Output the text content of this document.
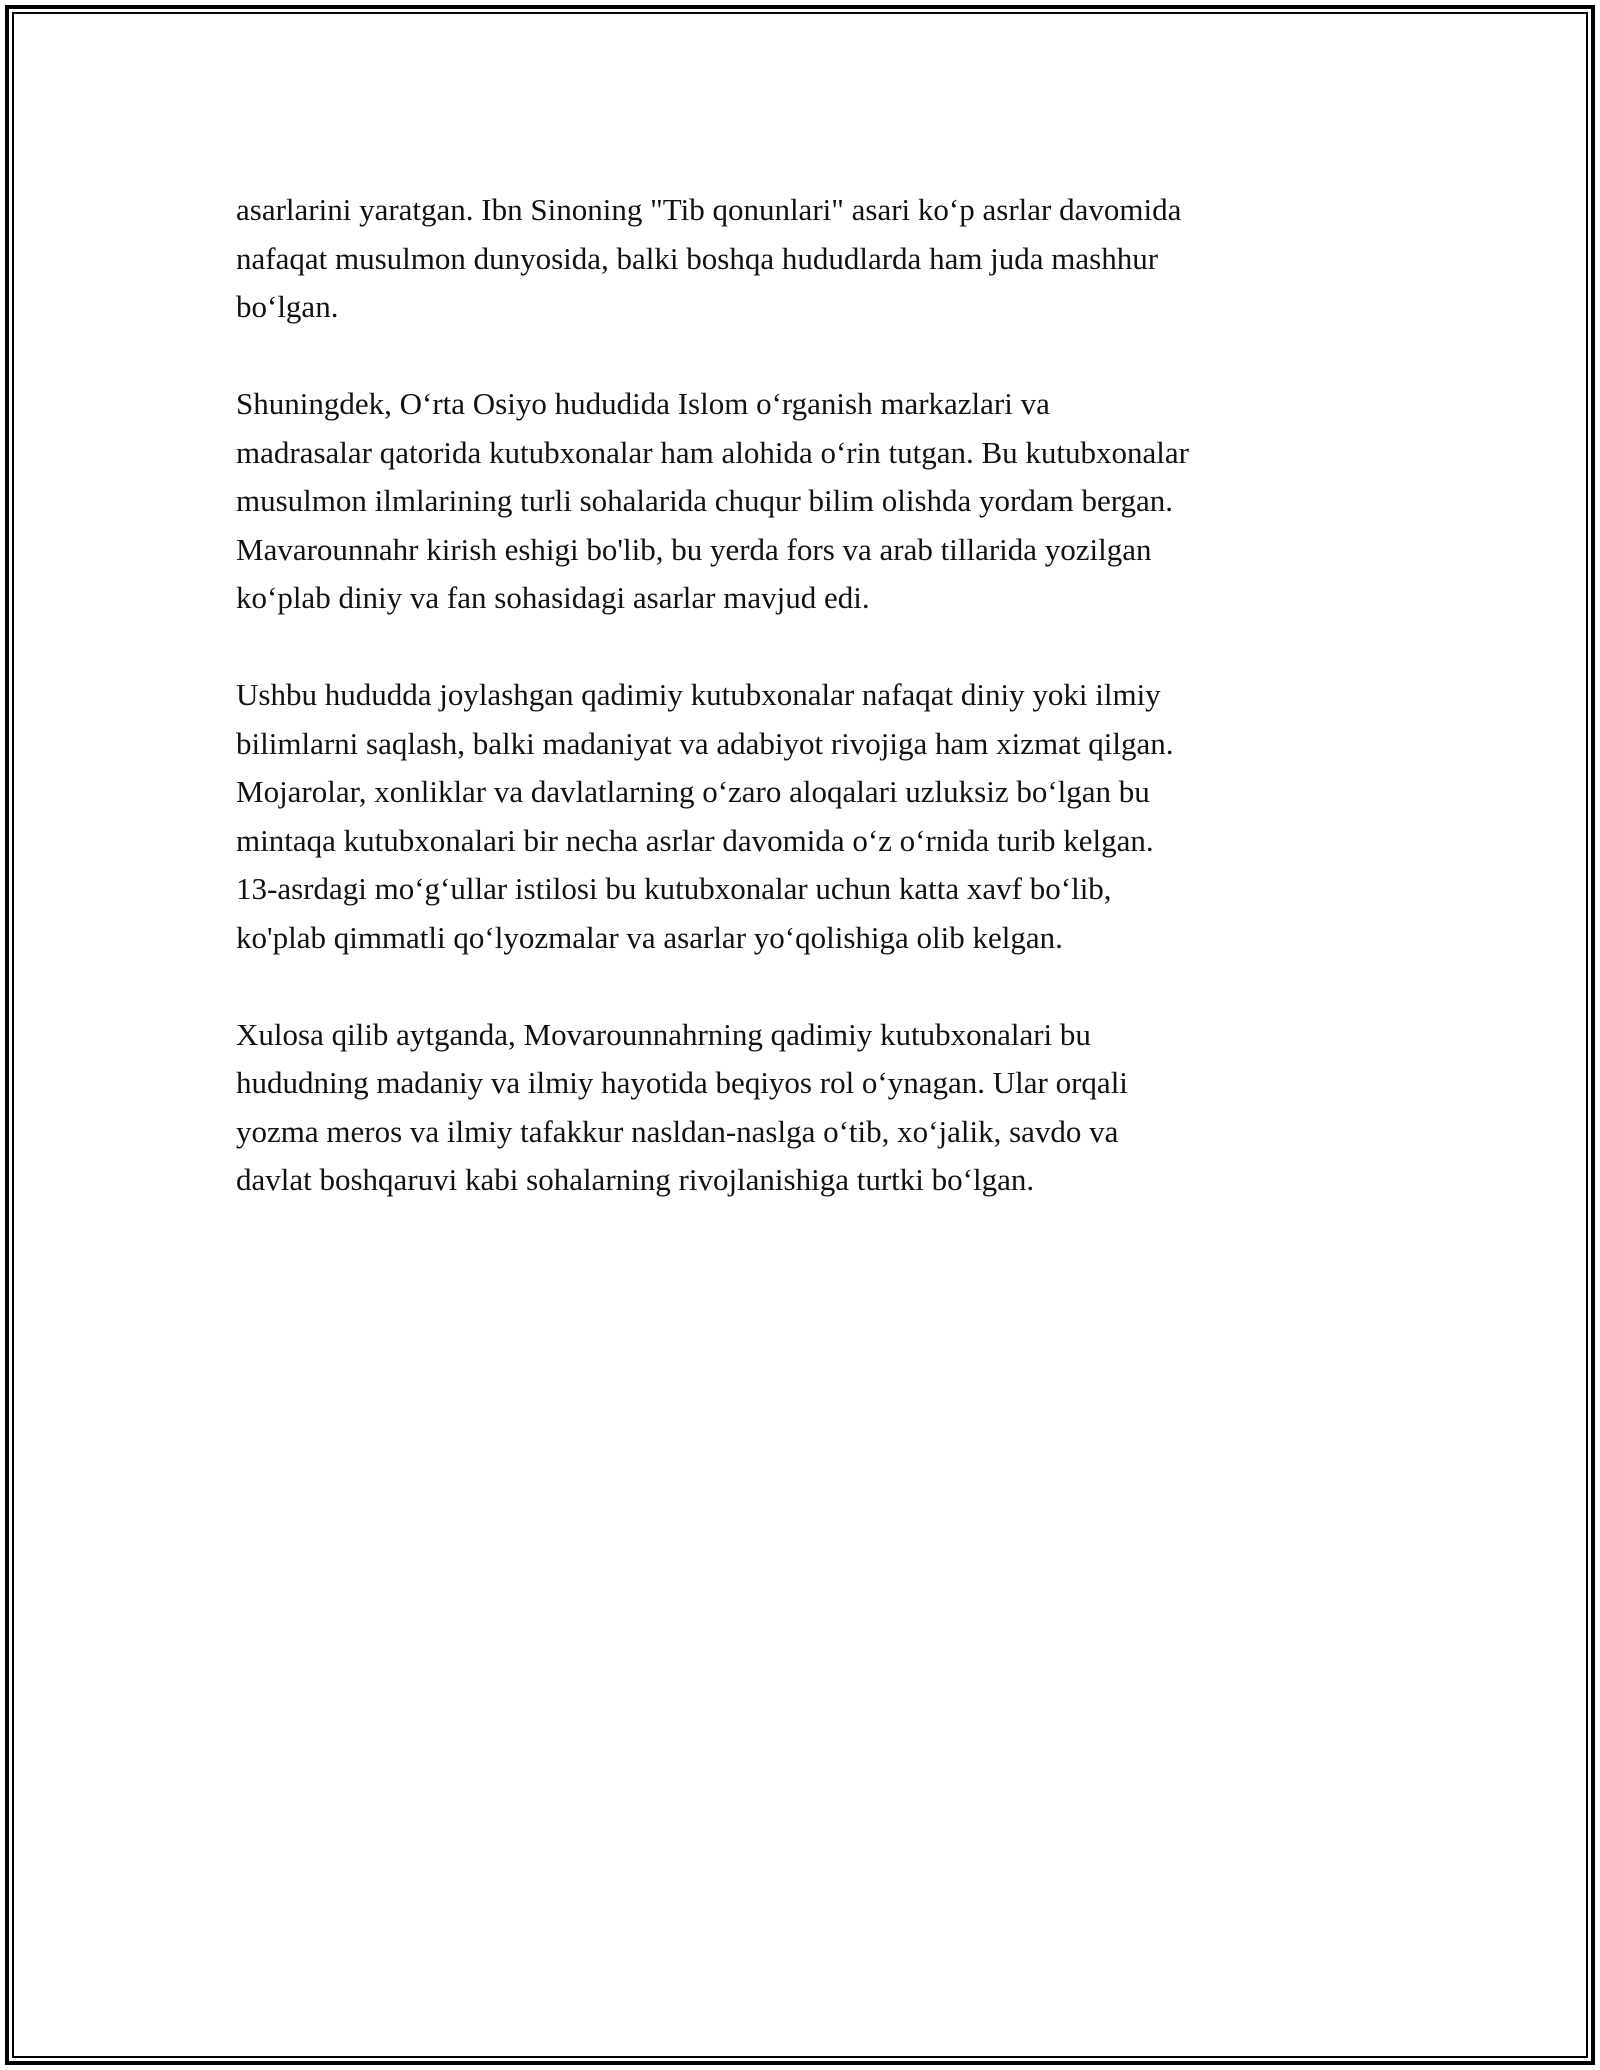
asarlarini yaratgan. Ibn Sinoning "Tib qonunlari" asari ko‘p asrlar davomida
nafaqat musulmon dunyosida, balki boshqa hududlarda ham juda mashhur
bo‘lgan.

Shuningdek, O‘rta Osiyo hududida Islom o‘rganish markazlari va
madrasalar qatorida kutubxonalar ham alohida o‘rin tutgan. Bu kutubxonalar
musulmon ilmlarining turli sohalarida chuqur bilim olishda yordam bergan.
Mavarounnahr kirish eshigi bo'lib, bu yerda fors va arab tillarida yozilgan
ko‘plab diniy va fan sohasidagi asarlar mavjud edi.

Ushbu hududda joylashgan qadimiy kutubxonalar nafaqat diniy yoki ilmiy
bilimlarni saqlash, balki madaniyat va adabiyot rivojiga ham xizmat qilgan.
Mojarolar, xonliklar va davlatlarning o‘zaro aloqalari uzluksiz bo‘lgan bu
mintaqa kutubxonalari bir necha asrlar davomida o‘z o‘rnida turib kelgan.
13-asrdagi mo‘g‘ullar istilosi bu kutubxonalar uchun katta xavf bo‘lib,
ko'plab qimmatli qo‘lyozmalar va asarlar yo‘qolishiga olib kelgan.

Xulosa qilib aytganda, Movarounnahrning qadimiy kutubxonalari bu
hududning madaniy va ilmiy hayotida beqiyos rol o‘ynagan. Ular orqali
yozma meros va ilmiy tafakkur nasldan-naslga o‘tib, xo‘jalik, savdo va
davlat boshqaruvi kabi sohalarning rivojlanishiga turtki bo‘lgan.
